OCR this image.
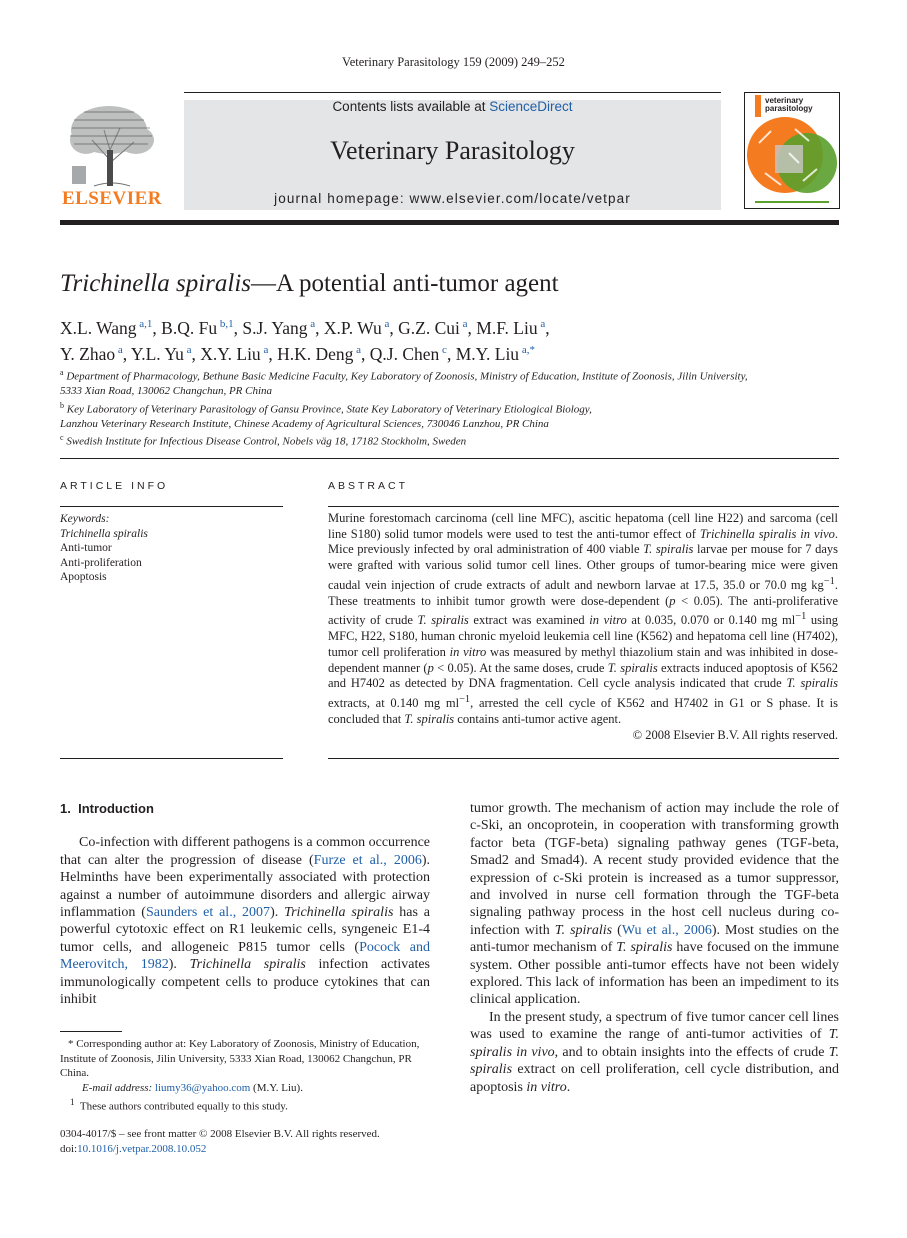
Veterinary Parasitology 159 (2009) 249–252
ELSEVIER
Contents lists available at ScienceDirect
Veterinary Parasitology
journal homepage: www.elsevier.com/locate/vetpar
veterinary
parasitology
Trichinella spiralis—A potential anti-tumor agent
X.L. Wang $^{a,1}$, B.Q. Fu $^{b,1}$, S.J. Yang $^a$, X.P. Wu $^a$, G.Z. Cui $^a$, M.F. Liu $^a$,
Y. Zhao $^a$, Y.L. Yu $^a$, X.Y. Liu $^a$, H.K. Deng $^a$, Q.J. Chen $^c$, M.Y. Liu $^{a,*}$
$^a$ Department of Pharmacology, Bethune Basic Medicine Faculty, Key Laboratory of Zoonosis, Ministry of Education, Institute of Zoonosis, Jilin University,
5333 Xian Road, 130062 Changchun, PR China
$^b$ Key Laboratory of Veterinary Parasitology of Gansu Province, State Key Laboratory of Veterinary Etiological Biology,
Lanzhou Veterinary Research Institute, Chinese Academy of Agricultural Sciences, 730046 Lanzhou, PR China
$^c$ Swedish Institute for Infectious Disease Control, Nobels väg 18, 17182 Stockholm, Sweden
ARTICLE INFO
Keywords:
Trichinella spiralis
Anti-tumor
Anti-proliferation
Apoptosis
ABSTRACT
Murine forestomach carcinoma (cell line MFC), ascitic hepatoma (cell line H22) and sarcoma (cell line S180) solid tumor models were used to test the anti-tumor effect of Trichinella spiralis in vivo. Mice previously infected by oral administration of 400 viable T. spiralis larvae per mouse for 7 days were grafted with various solid tumor cell lines. Other groups of tumor-bearing mice were given caudal vein injection of crude extracts of adult and newborn larvae at 17.5, 35.0 or 70.0 mg $kg^{-1}$. These treatments to inhibit tumor growth were dose-dependent (p < 0.05). The anti-proliferative activity of crude T. spiralis extract was examined in vitro at 0.035, 0.070 or 0.140 mg $ml^{-1}$ using MFC, H22, S180, human chronic myeloid leukemia cell line (K562) and hepatoma cell line (H7402), tumor cell proliferation in vitro was measured by methyl thiazolium stain and was inhibited in dose-dependent manner (p < 0.05). At the same doses, crude T. spiralis extracts induced apoptosis of K562 and H7402 as detected by DNA fragmentation. Cell cycle analysis indicated that crude T. spiralis extracts, at 0.140 mg $ml^{-1}$, arrested the cell cycle of K562 and H7402 in G1 or S phase. It is concluded that T. spiralis contains anti-tumor active agent.
© 2008 Elsevier B.V. All rights reserved.

1. Introduction

Co-infection with different pathogens is a common occurrence that can alter the progression of disease (Furze et al., 2006). Helminths have been experimentally associated with protection against a number of autoimmune disorders and allergic airway inflammation (Saunders et al., 2007). Trichinella spiralis has a powerful cytotoxic effect on R1 leukemic cells, syngeneic E1-4 tumor cells, and allogeneic P815 tumor cells (Pocock and Meerovitch, 1982). Trichinella spiralis infection activates immunologically competent cells to produce cytokines that can inhibit

tumor growth. The mechanism of action may include the role of c-Ski, an oncoprotein, in cooperation with transforming growth factor beta (TGF-beta) signaling pathway genes (TGF-beta, Smad2 and Smad4). A recent study provided evidence that the expression of c-Ski protein is increased as a tumor suppressor, and involved in nurse cell formation through the TGF-beta signaling pathway process in the host cell nucleus during co-infection with T. spiralis (Wu et al., 2006). Most studies on the anti-tumor mechanism of T. spiralis have focused on the immune system. Other possible anti-tumor effects have not been widely explored. This lack of information has been an impediment to its clinical application.

In the present study, a spectrum of five tumor cancer cell lines was used to examine the range of anti-tumor activities of T. spiralis in vivo, and to obtain insights into the effects of crude T. spiralis extract on cell proliferation, cell cycle distribution, and apoptosis in vitro.

* Corresponding author at: Key Laboratory of Zoonosis, Ministry of Education, Institute of Zoonosis, Jilin University, 5333 Xian Road, 130062 Changchun, PR China.
E-mail address: liumy36@yahoo.com (M.Y. Liu).
$^1$ These authors contributed equally to this study.
0304-4017/$ – see front matter © 2008 Elsevier B.V. All rights reserved.
doi:10.1016/j.vetpar.2008.10.052
